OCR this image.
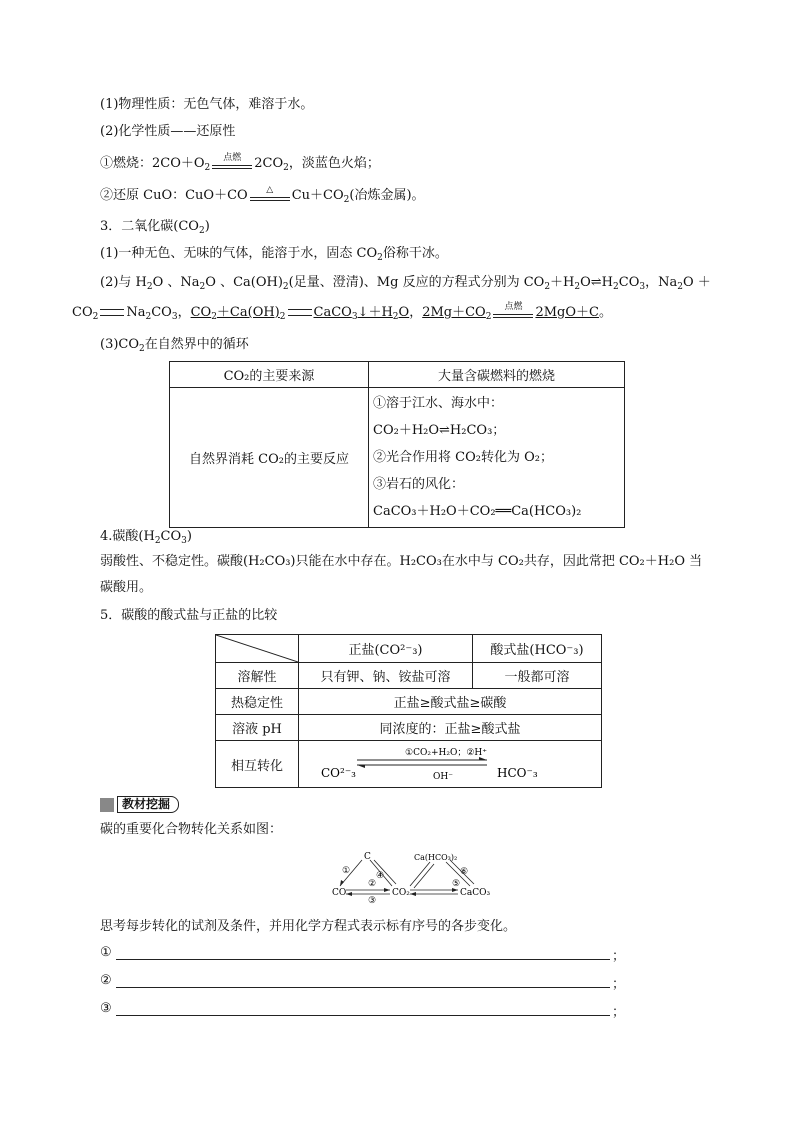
(1)物理性质：无色气体，难溶于水。
(2)化学性质——还原性
①燃烧：$2CO+O_2$
点燃	$2CO_2$，淡蓝色火焰；
②还原 CuO：CuO＋CO	△	$Cu+CO_2$(冶炼金属)。
3．二氧化碳$(CO_2)$
(1)一种无色、无味的气体，能溶于水，固态 $CO_2$俗称干冰。
(2)与 $H_2O$ 、$Na_2O$ 、$Ca(OH)_2$(足量、澄清)、Mg 反应的方程式分别为 $CO_2+H_2O\rightleftharpoons H_2CO_3$，$Na_2O$ ＋
$CO_2$ $Na_2CO_3$，$CO_2+Ca(OH)_2$ $CaCO_3↓+H_2O$，$2Mg+CO_2$
点燃	2MgO＋C。
$(3)CO_2$在自然界中的循环
CO₂的主要来源	大量含碳燃料的燃烧
自然界消耗 CO₂的主要反应	①溶于江水、海水中：
CO₂＋H₂O⇌H₂CO₃；
②光合作用将 CO₂转化为 O₂；
③岩石的风化：
CaCO₃＋H₂O＋CO₂══Ca(HCO₃)₂
4.碳酸$(H_2CO_3)$
弱酸性、不稳定性。碳酸(H₂CO₃)只能在水中存在。H₂CO₃在水中与 CO₂共存，因此常把 CO₂＋H₂O 当
碳酸用。
5．碳酸的酸式盐与正盐的比较
	正盐(CO²⁻₃)	酸式盐(HCO⁻₃)
溶解性	只有钾、钠、铵盐可溶	一般都可溶
热稳定性	正盐≥酸式盐≥碳酸	
溶液 pH	同浓度的：正盐≥酸式盐	
相互转化	CO²⁻₃ HCO⁻₃
①CO₂+H₂O；②H⁺
OH⁻	
教材挖掘
碳的重要化合物转化关系如图：
C
CO	CO₂
Ca(HCO₃)₂
CaCO₃
①
②
③
④
⑤
⑥
思考每步转化的试剂及条件，并用化学方程式表示标有序号的各步变化。
①	；
②	；
③	；
